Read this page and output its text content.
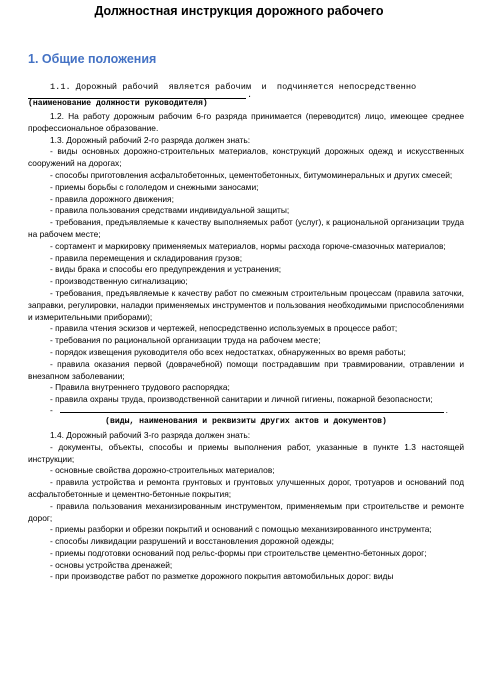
Должностная инструкция дорожного рабочего
1. Общие положения
1.1. Дорожный рабочий  является рабочим  и  подчиняется непосредственно
.
(наименование должности руководителя)
1.2. На работу дорожным рабочим 6-го разряда принимается (переводится) лицо, имеющее среднее профессиональное образование.
1.3. Дорожный рабочий 2-го разряда должен знать:
- виды основных дорожно-строительных материалов, конструкций дорожных одежд и искусственных сооружений на дорогах;
- способы приготовления асфальтобетонных, цементобетонных, битумоминеральных и других смесей;
- приемы борьбы с гололедом и снежными заносами;
- правила дорожного движения;
- правила пользования средствами индивидуальной защиты;
- требования, предъявляемые к качеству выполняемых работ (услуг), к рациональной организации труда на рабочем месте;
- сортамент и маркировку применяемых материалов, нормы расхода горюче-смазочных материалов;
- правила перемещения и складирования грузов;
- виды брака и способы его предупреждения и устранения;
- производственную сигнализацию;
- требования, предъявляемые к качеству работ по смежным строительным процессам (правила заточки, заправки, регулировки, наладки применяемых инструментов и пользования необходимыми приспособлениями и измерительными приборами);
- правила чтения эскизов и чертежей, непосредственно используемых в процессе работ;
- требования по рациональной организации труда на рабочем месте;
- порядок извещения руководителя обо всех недостатках, обнаруженных во время работы;
- правила оказания первой (доврачебной) помощи пострадавшим при травмировании, отравлении и внезапном заболевании;
- Правила внутреннего трудового распорядка;
- правила охраны труда, производственной санитарии и личной гигиены, пожарной безопасности;
-	.
(виды, наименования и реквизиты других актов и документов)
1.4. Дорожный рабочий 3-го разряда должен знать:
- документы, объекты, способы и приемы выполнения работ, указанные в пункте 1.3 настоящей инструкции;
- основные свойства дорожно-строительных материалов;
- правила устройства и ремонта грунтовых и грунтовых улучшенных дорог, тротуаров и оснований под асфальтобетонные и цементно-бетонные покрытия;
- правила пользования механизированным инструментом, применяемым при строительстве и ремонте дорог;
- приемы разборки и обрезки покрытий и оснований с помощью механизированного инструмента;
- способы ликвидации разрушений и восстановления дорожной одежды;
- приемы подготовки оснований под рельс-формы при строительстве цементно-бетонных дорог;
- основы устройства дренажей;
- при производстве работ по разметке дорожного покрытия автомобильных дорог: виды
